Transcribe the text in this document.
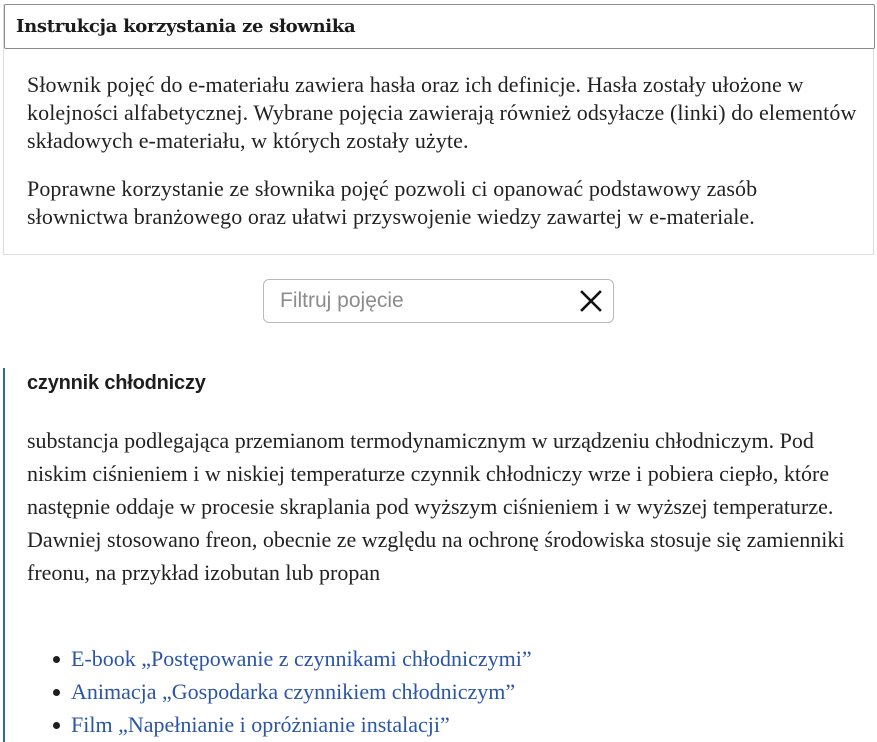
Instrukcja korzystania ze słownika

Słownik pojęć do e-materiału zawiera hasła oraz ich definicje. Hasła zostały ułożone w kolejności alfabetycznej. Wybrane pojęcia zawierają również odsyłacze (linki) do elementów składowych e-materiału, w których zostały użyte.

Poprawne korzystanie ze słownika pojęć pozwoli ci opanować podstawowy zasób słownictwa branżowego oraz ułatwi przyswojenie wiedzy zawartej w e-materiale.

Filtruj pojęcie
czynnik chłodniczy

substancja podlegająca przemianom termodynamicznym w urządzeniu chłodniczym. Pod niskim ciśnieniem i w niskiej temperaturze czynnik chłodniczy wrze i pobiera ciepło, które następnie oddaje w procesie skraplania pod wyższym ciśnieniem i w wyższej temperaturze. Dawniej stosowano freon, obecnie ze względu na ochronę środowiska stosuje się zamienniki freonu, na przykład izobutan lub propan

E-book „Postępowanie z czynnikami chłodniczymi”
Animacja „Gospodarka czynnikiem chłodniczym”
Film „Napełnianie i opróżnianie instalacji”
